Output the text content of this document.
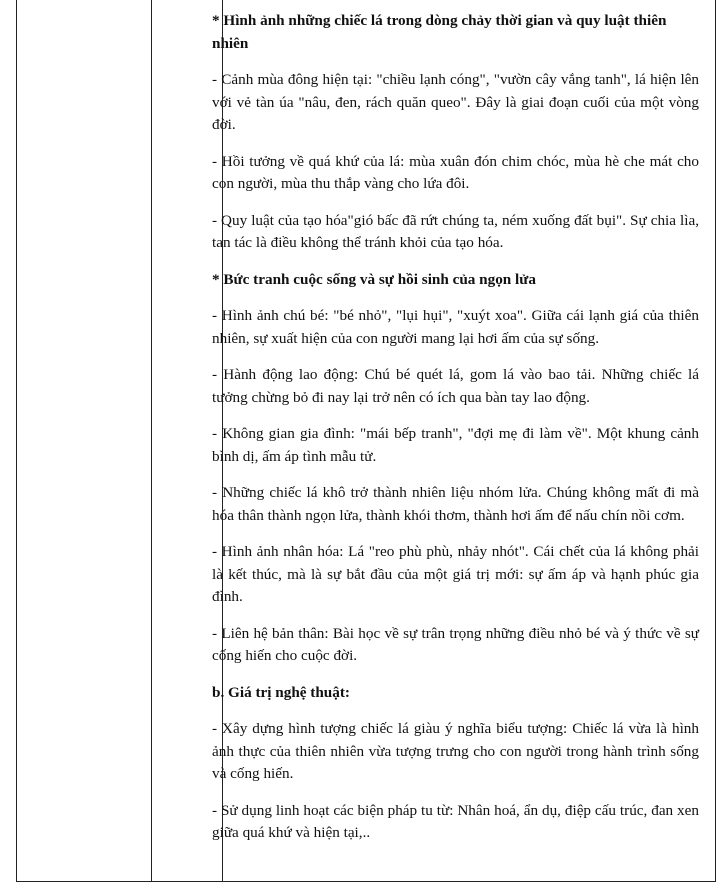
* Hình ảnh những chiếc lá trong dòng chảy thời gian và quy luật thiên nhiên

- Cảnh mùa đông hiện tại: "chiều lạnh cóng", "vườn cây vắng tanh", lá hiện lên với vẻ tàn úa "nâu, đen, rách quăn queo". Đây là giai đoạn cuối của một vòng đời.

- Hồi tưởng về quá khứ của lá: mùa xuân đón chim chóc, mùa hè che mát cho con người, mùa thu thắp vàng cho lứa đôi.

- Quy luật của tạo hóa"gió bấc đã rứt chúng ta, ném xuống đất bụi". Sự chia lìa, tan tác là điều không thể tránh khỏi của tạo hóa.

* Bức tranh cuộc sống và sự hồi sinh của ngọn lửa

- Hình ảnh chú bé: "bé nhỏ", "lụi hụi", "xuýt xoa". Giữa cái lạnh giá của thiên nhiên, sự xuất hiện của con người mang lại hơi ấm của sự sống.

- Hành động lao động: Chú bé quét lá, gom lá vào bao tải. Những chiếc lá tưởng chừng bỏ đi nay lại trở nên có ích qua bàn tay lao động.

- Không gian gia đình: "mái bếp tranh", "đợi mẹ đi làm về". Một khung cảnh bình dị, ấm áp tình mẫu tử.

- Những chiếc lá khô trở thành nhiên liệu nhóm lửa. Chúng không mất đi mà hóa thân thành ngọn lửa, thành khói thơm, thành hơi ấm để nấu chín nồi cơm.

- Hình ảnh nhân hóa: Lá "reo phù phù, nhảy nhót". Cái chết của lá không phải là kết thúc, mà là sự bắt đầu của một giá trị mới: sự ấm áp và hạnh phúc gia đình.

- Liên hệ bản thân: Bài học về sự trân trọng những điều nhỏ bé và ý thức về sự cống hiến cho cuộc đời.

b. Giá trị nghệ thuật:

- Xây dựng hình tượng chiếc lá giàu ý nghĩa biểu tượng: Chiếc lá vừa là hình ảnh thực của thiên nhiên vừa tượng trưng cho con người trong hành trình sống và cống hiến.

- Sử dụng linh hoạt các biện pháp tu từ: Nhân hoá, ẩn dụ, điệp cấu trúc, đan xen giữa quá khứ và hiện tại,..
